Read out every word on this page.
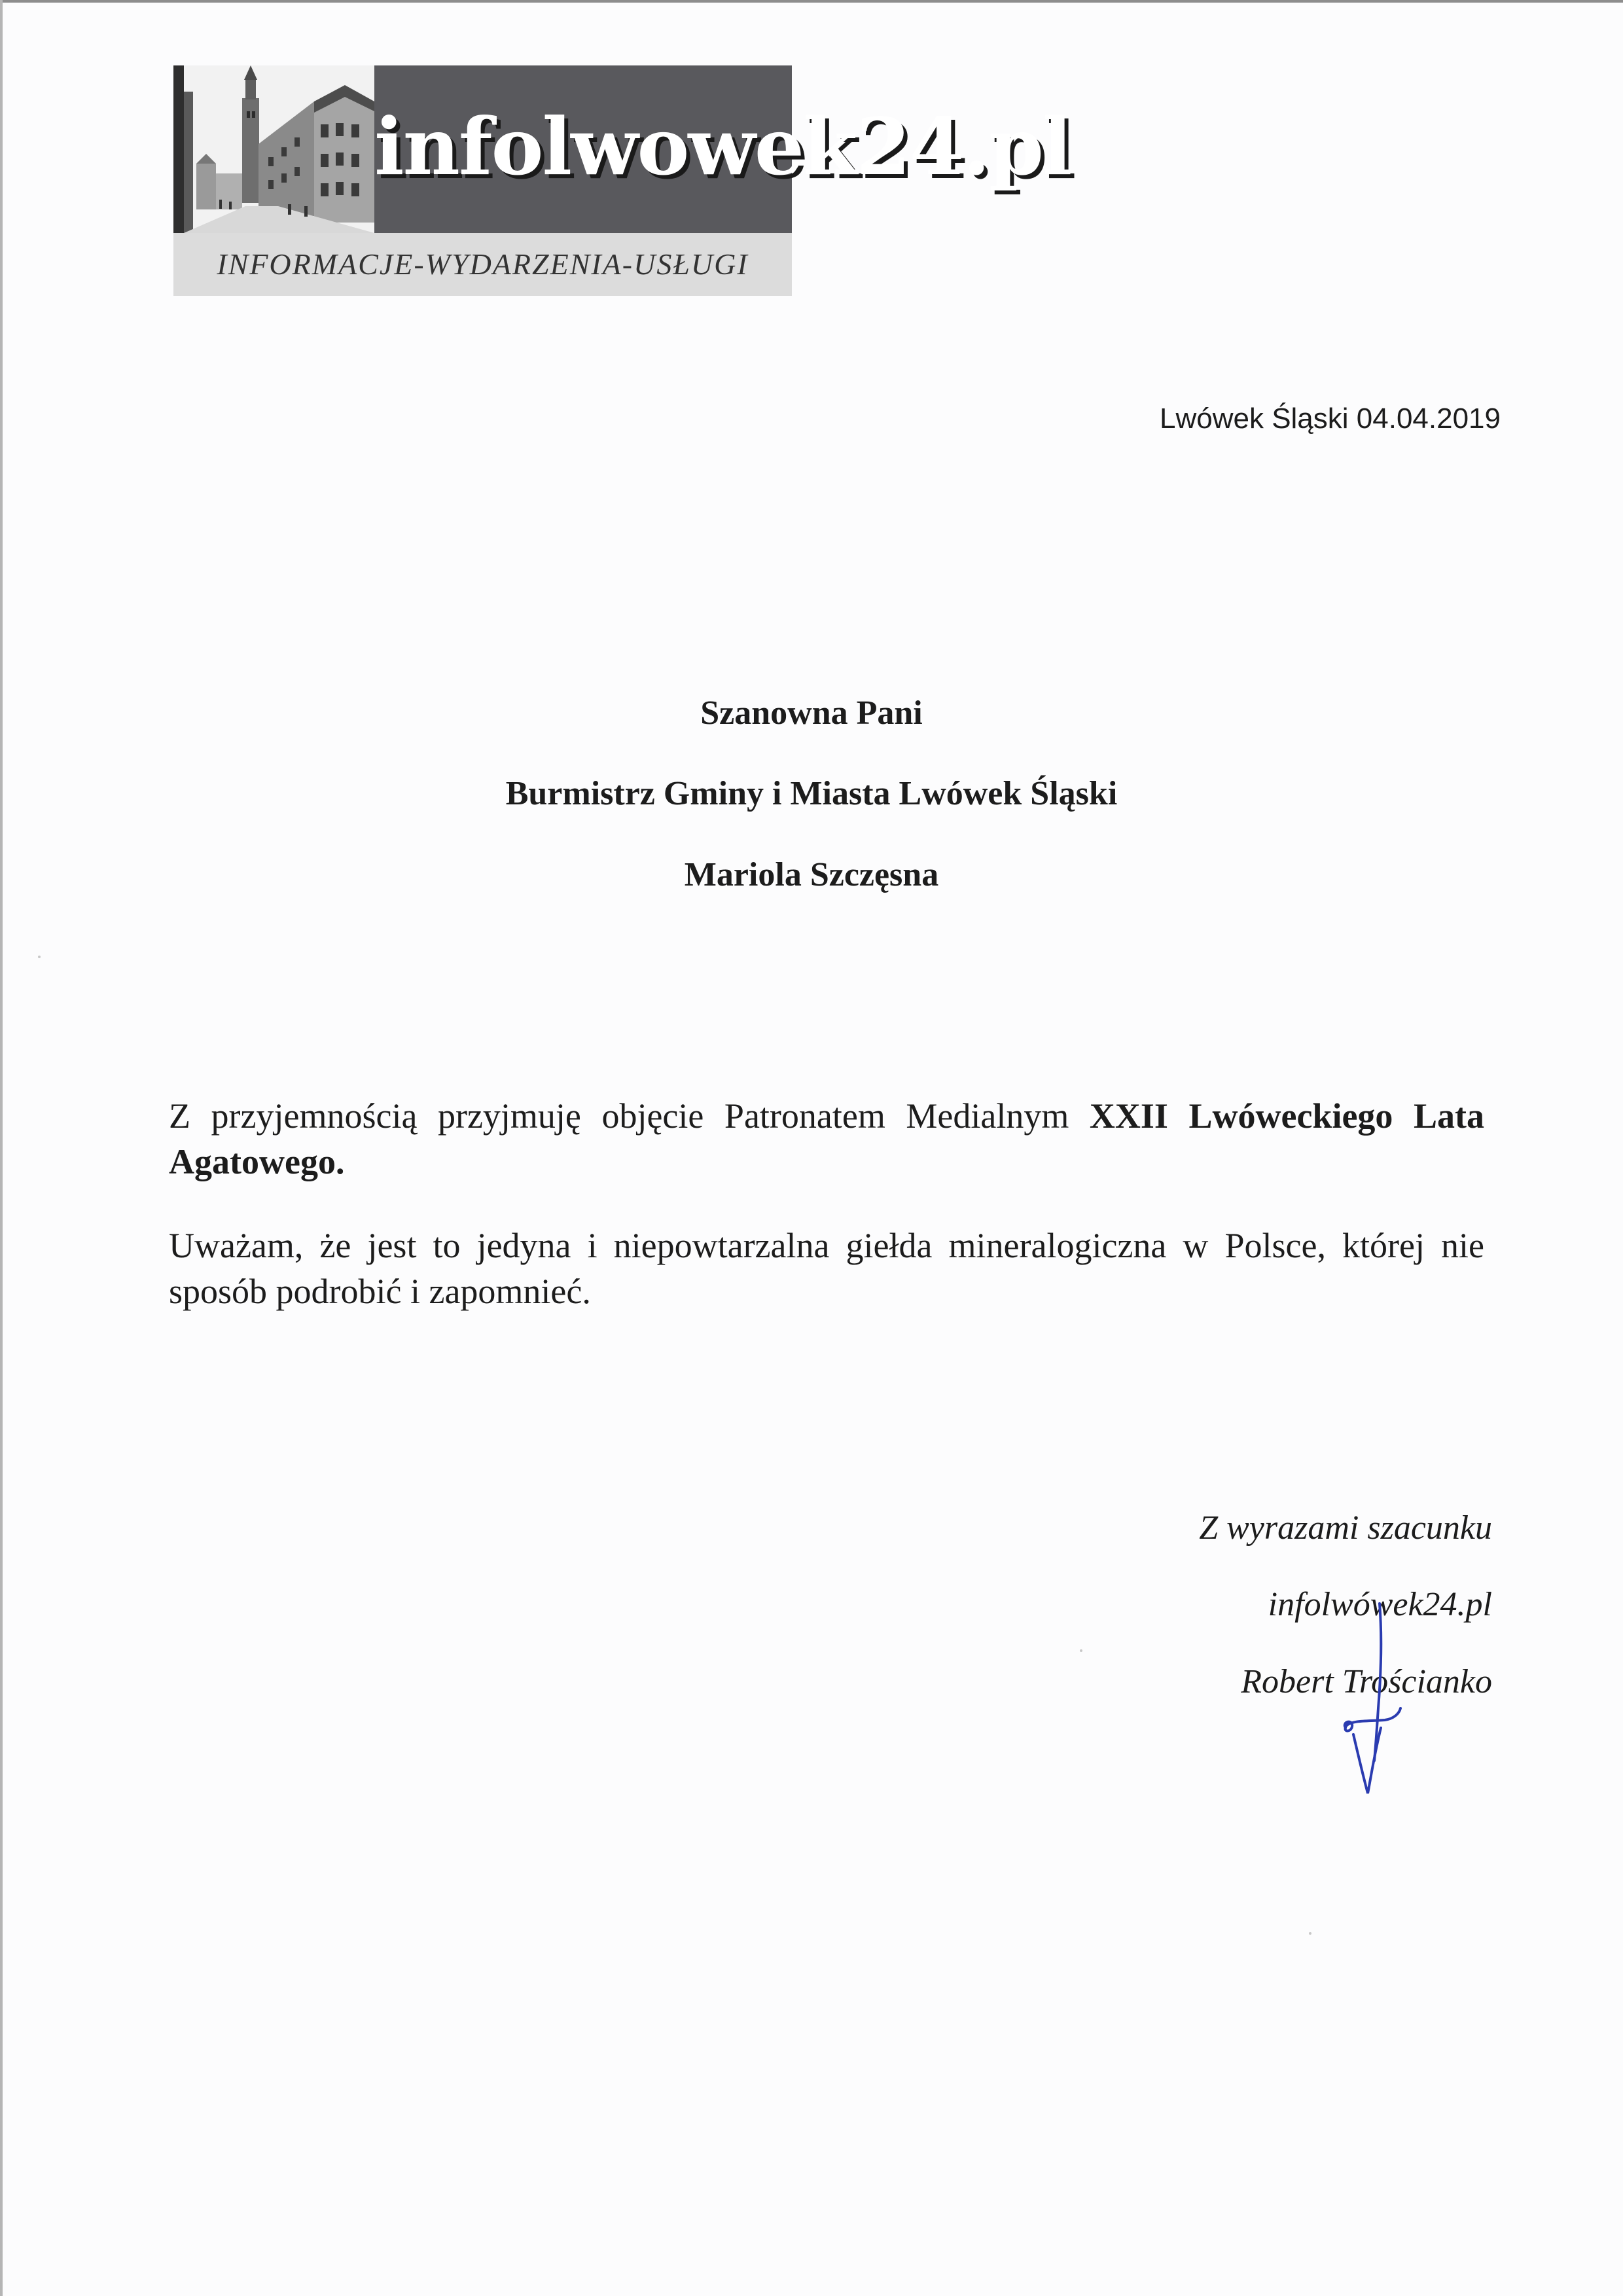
infolwowek24.pl
INFORMACJE-WYDARZENIA-USŁUGI
Lwówek Śląski 04.04.2019
Szanowna Pani
Burmistrz Gminy i Miasta Lwówek Śląski
Mariola Szczęsna
Z przyjemnością przyjmuję objęcie Patronatem Medialnym XXII Lwóweckiego Lata Agatowego.
Uważam, że jest to jedyna i niepowtarzalna giełda mineralogiczna w Polsce, której nie sposób podrobić i zapomnieć.
Z wyrazami szacunku
infolwówek24.pl
Robert Trościanko
